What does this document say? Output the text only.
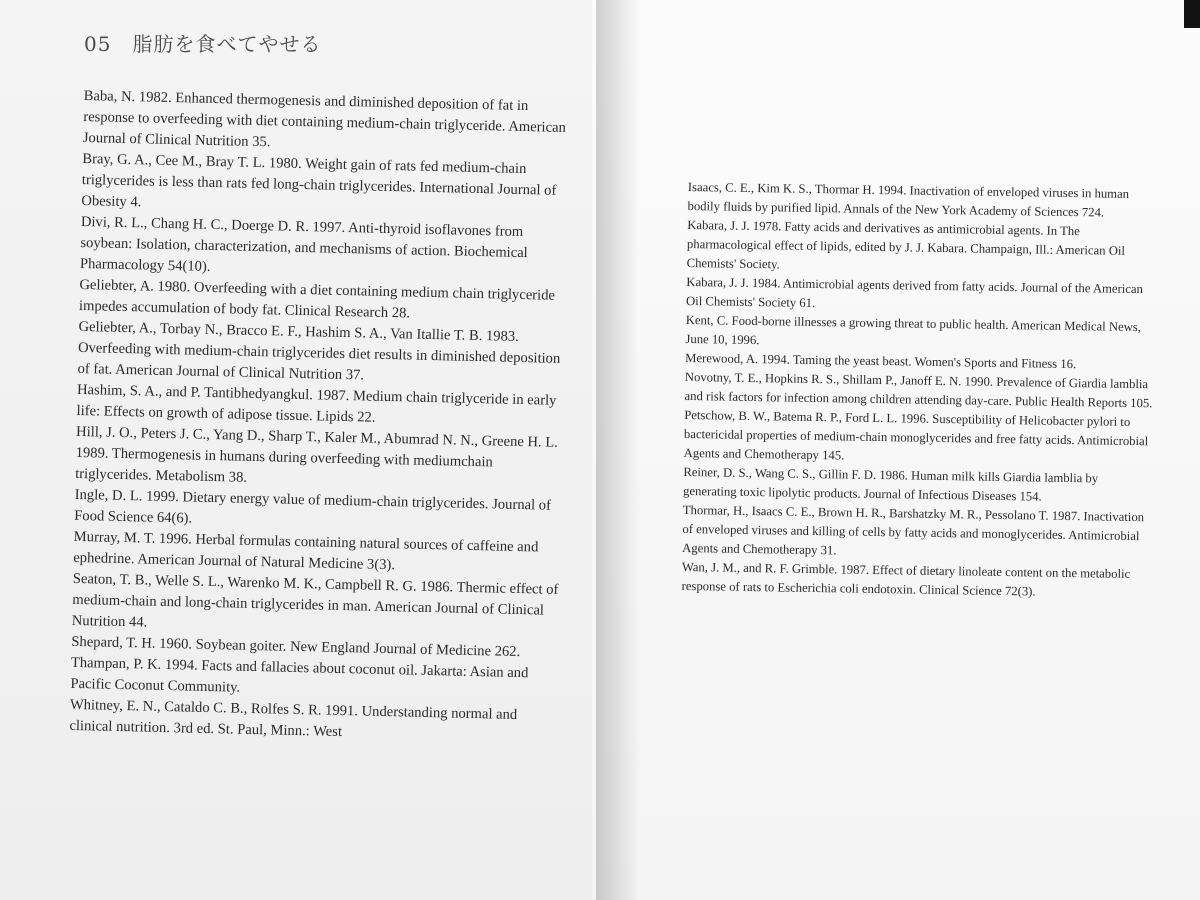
05　脂肪を食べてやせる
Baba, N. 1982. Enhanced thermogenesis and diminished deposition of fat in response to overfeeding with diet containing medium-chain triglyceride. American Journal of Clinical Nutrition 35.
Bray, G. A., Cee M., Bray T. L. 1980. Weight gain of rats fed medium-chain triglycerides is less than rats fed long-chain triglycerides. International Journal of Obesity 4.
Divi, R. L., Chang H. C., Doerge D. R. 1997. Anti-thyroid isoflavones from soybean: Isolation, characterization, and mechanisms of action. Biochemical Pharmacology 54(10).
Geliebter, A. 1980. Overfeeding with a diet containing medium chain triglyceride impedes accumulation of body fat. Clinical Research 28.
Geliebter, A., Torbay N., Bracco E. F., Hashim S. A., Van Itallie T. B. 1983. Overfeeding with medium-chain triglycerides diet results in diminished deposition of fat. American Journal of Clinical Nutrition 37.
Hashim, S. A., and P. Tantibhedyangkul. 1987. Medium chain triglyceride in early life: Effects on growth of adipose tissue. Lipids 22.
Hill, J. O., Peters J. C., Yang D., Sharp T., Kaler M., Abumrad N. N., Greene H. L. 1989. Thermogenesis in humans during overfeeding with mediumchain triglycerides. Metabolism 38.
Ingle, D. L. 1999. Dietary energy value of medium-chain triglycerides. Journal of Food Science 64(6).
Murray, M. T. 1996. Herbal formulas containing natural sources of caffeine and ephedrine. American Journal of Natural Medicine 3(3).
Seaton, T. B., Welle S. L., Warenko M. K., Campbell R. G. 1986. Thermic effect of medium-chain and long-chain triglycerides in man. American Journal of Clinical Nutrition 44.
Shepard, T. H. 1960. Soybean goiter. New England Journal of Medicine 262.
Thampan, P. K. 1994. Facts and fallacies about coconut oil. Jakarta: Asian and Pacific Coconut Community.
Whitney, E. N., Cataldo C. B., Rolfes S. R. 1991. Understanding normal and clinical nutrition. 3rd ed. St. Paul, Minn.: West
Isaacs, C. E., Kim K. S., Thormar H. 1994. Inactivation of enveloped viruses in human bodily fluids by purified lipid. Annals of the New York Academy of Sciences 724.
Kabara, J. J. 1978. Fatty acids and derivatives as antimicrobial agents. In The pharmacological effect of lipids, edited by J. J. Kabara. Champaign, Ill.: American Oil Chemists' Society.
Kabara, J. J. 1984. Antimicrobial agents derived from fatty acids. Journal of the American Oil Chemists' Society 61.
Kent, C. Food-borne illnesses a growing threat to public health. American Medical News, June 10, 1996.
Merewood, A. 1994. Taming the yeast beast. Women's Sports and Fitness 16.
Novotny, T. E., Hopkins R. S., Shillam P., Janoff E. N. 1990. Prevalence of Giardia lamblia and risk factors for infection among children attending day-care. Public Health Reports 105.
Petschow, B. W., Batema R. P., Ford L. L. 1996. Susceptibility of Helicobacter pylori to bactericidal properties of medium-chain monoglycerides and free fatty acids. Antimicrobial Agents and Chemotherapy 145.
Reiner, D. S., Wang C. S., Gillin F. D. 1986. Human milk kills Giardia lamblia by generating toxic lipolytic products. Journal of Infectious Diseases 154.
Thormar, H., Isaacs C. E., Brown H. R., Barshatzky M. R., Pessolano T. 1987. Inactivation of enveloped viruses and killing of cells by fatty acids and monoglycerides. Antimicrobial Agents and Chemotherapy 31.
Wan, J. M., and R. F. Grimble. 1987. Effect of dietary linoleate content on the metabolic response of rats to Escherichia coli endotoxin. Clinical Science 72(3).
